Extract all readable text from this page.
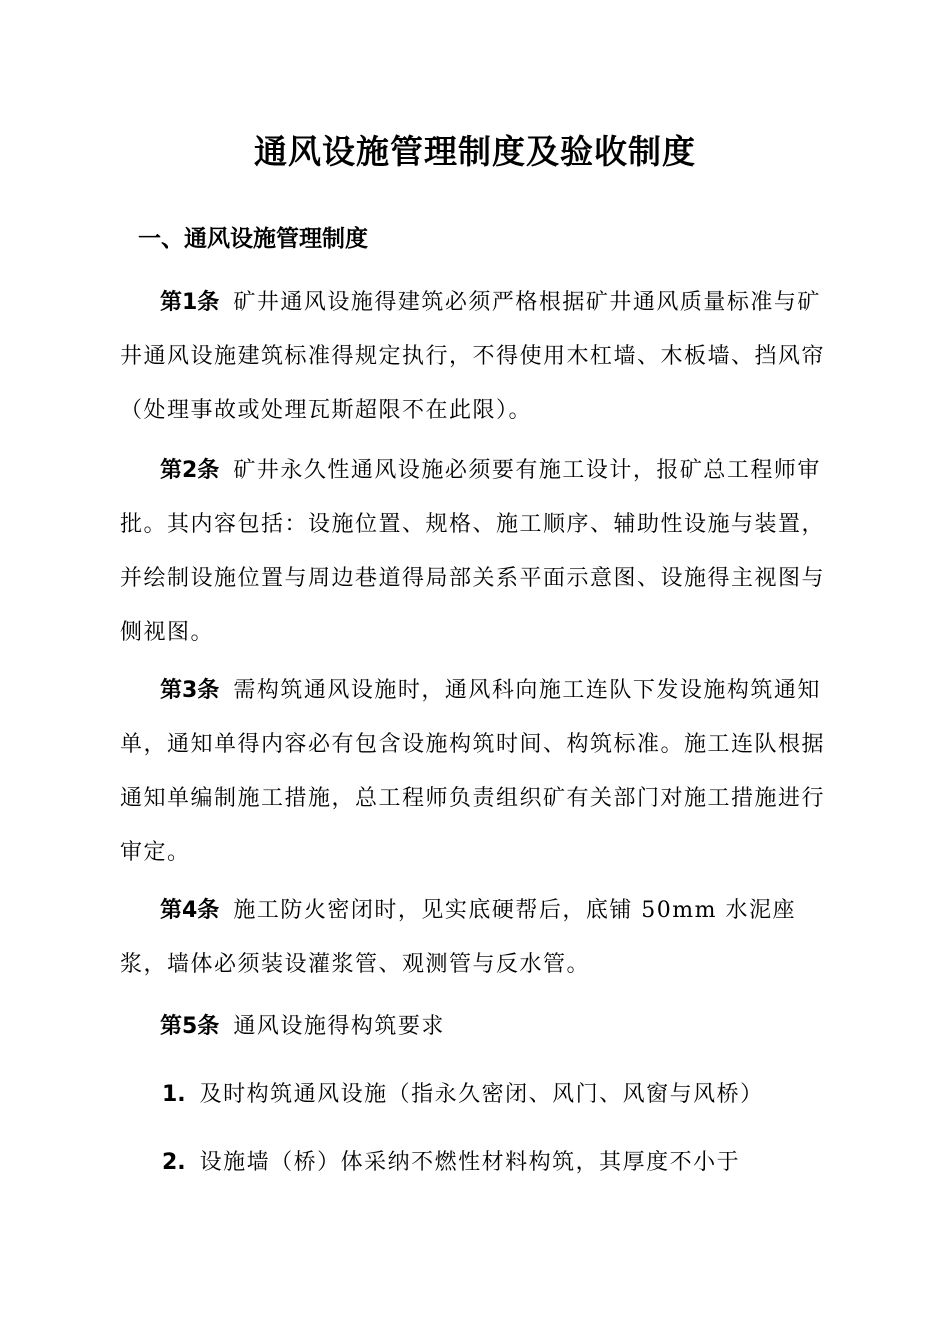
通风设施管理制度及验收制度
一、通风设施管理制度
第1条 矿井通风设施得建筑必须严格根据矿井通风质量标准与矿井通风设施建筑标准得规定执行，不得使用木杠墙、木板墙、挡风帘（处理事故或处理瓦斯超限不在此限）。
第2条 矿井永久性通风设施必须要有施工设计，报矿总工程师审批。其内容包括：设施位置、规格、施工顺序、辅助性设施与装置，并绘制设施位置与周边巷道得局部关系平面示意图、设施得主视图与侧视图。
第3条 需构筑通风设施时，通风科向施工连队下发设施构筑通知单，通知单得内容必有包含设施构筑时间、构筑标准。施工连队根据通知单编制施工措施，总工程师负责组织矿有关部门对施工措施进行审定。
第4条 施工防火密闭时，见实底硬帮后，底铺 50mm 水泥座浆，墙体必须装设灌浆管、观测管与反水管。
第5条 通风设施得构筑要求
1. 及时构筑通风设施（指永久密闭、风门、风窗与风桥）
2. 设施墙（桥）体采纳不燃性材料构筑，其厚度不小于
